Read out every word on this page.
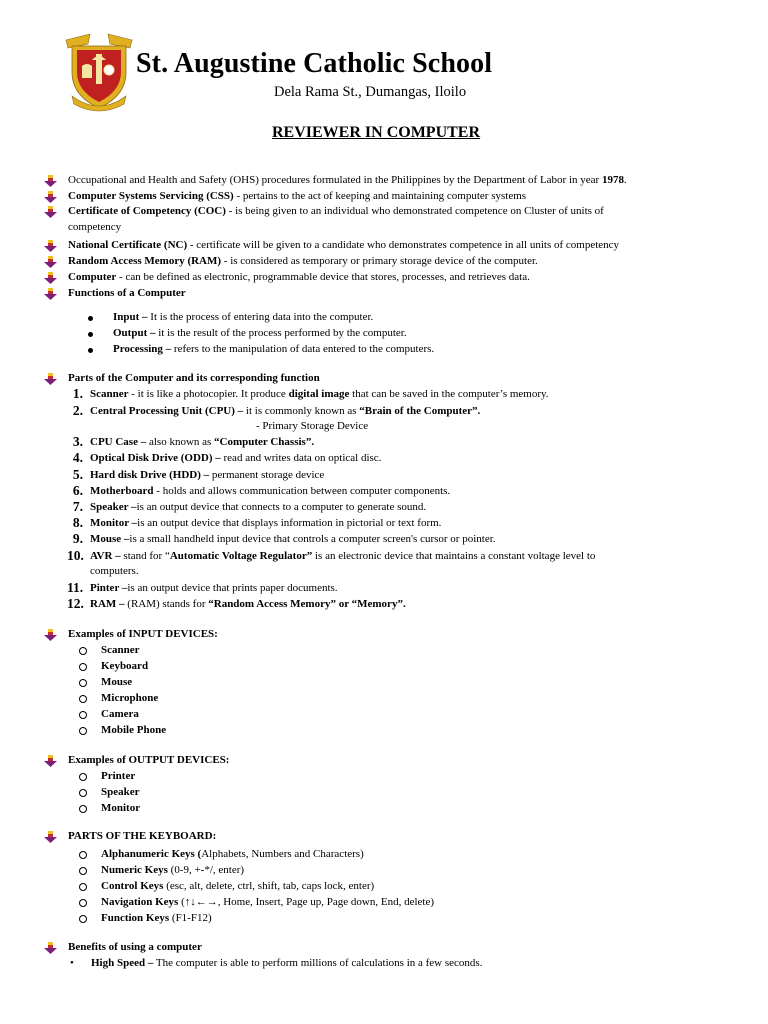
St. Augustine Catholic School
Dela Rama St., Dumangas, Iloilo
REVIEWER IN COMPUTER
Occupational and Health and Safety (OHS) procedures formulated in the Philippines by the Department of Labor in year 1978.
Computer Systems Servicing (CSS) - pertains to the act of keeping and maintaining computer systems
Certificate of Competency (COC) - is being given to an individual who demonstrated competence on Cluster of units of
competency
National Certificate (NC) - certificate will be given to a candidate who demonstrates competence in all units of competency
Random Access Memory (RAM) - is considered as temporary or primary storage device of the computer.
Computer - can be defined as electronic, programmable device that stores, processes, and retrieves data.
Functions of a Computer
Input – It is the process of entering data into the computer.
Output – it is the result of the process performed by the computer.
Processing – refers to the manipulation of data entered to the computers.
Parts of the Computer and its corresponding function
1. Scanner - it is like a photocopier. It produce digital image that can be saved in the computer’s memory.
2. Central Processing Unit (CPU) – it is commonly known as “Brain of the Computer”.
- Primary Storage Device
3. CPU Case – also known as “Computer Chassis”.
4. Optical Disk Drive (ODD) – read and writes data on optical disc.
5. Hard disk Drive (HDD) – permanent storage device
6. Motherboard - holds and allows communication between computer components.
7. Speaker –is an output device that connects to a computer to generate sound.
8. Monitor –is an output device that displays information in pictorial or text form.
9. Mouse –is a small handheld input device that controls a computer screen's cursor or pointer.
10. AVR – stand for “Automatic Voltage Regulator” is an electronic device that maintains a constant voltage level to
computers.
11. Pinter –is an output device that prints paper documents.
12. RAM – (RAM) stands for “Random Access Memory” or “Memory”.
Examples of INPUT DEVICES:
Scanner
Keyboard
Mouse
Microphone
Camera
Mobile Phone
Examples of OUTPUT DEVICES:
Printer
Speaker
Monitor
PARTS OF THE KEYBOARD:
Alphanumeric Keys (Alphabets, Numbers and Characters)
Numeric Keys (0-9, +-*/, enter)
Control Keys (esc, alt, delete, ctrl, shift, tab, caps lock, enter)
Navigation Keys (↑↓←→, Home, Insert, Page up, Page down, End, delete)
Function Keys (F1-F12)
Benefits of using a computer
• High Speed – The computer is able to perform millions of calculations in a few seconds.
